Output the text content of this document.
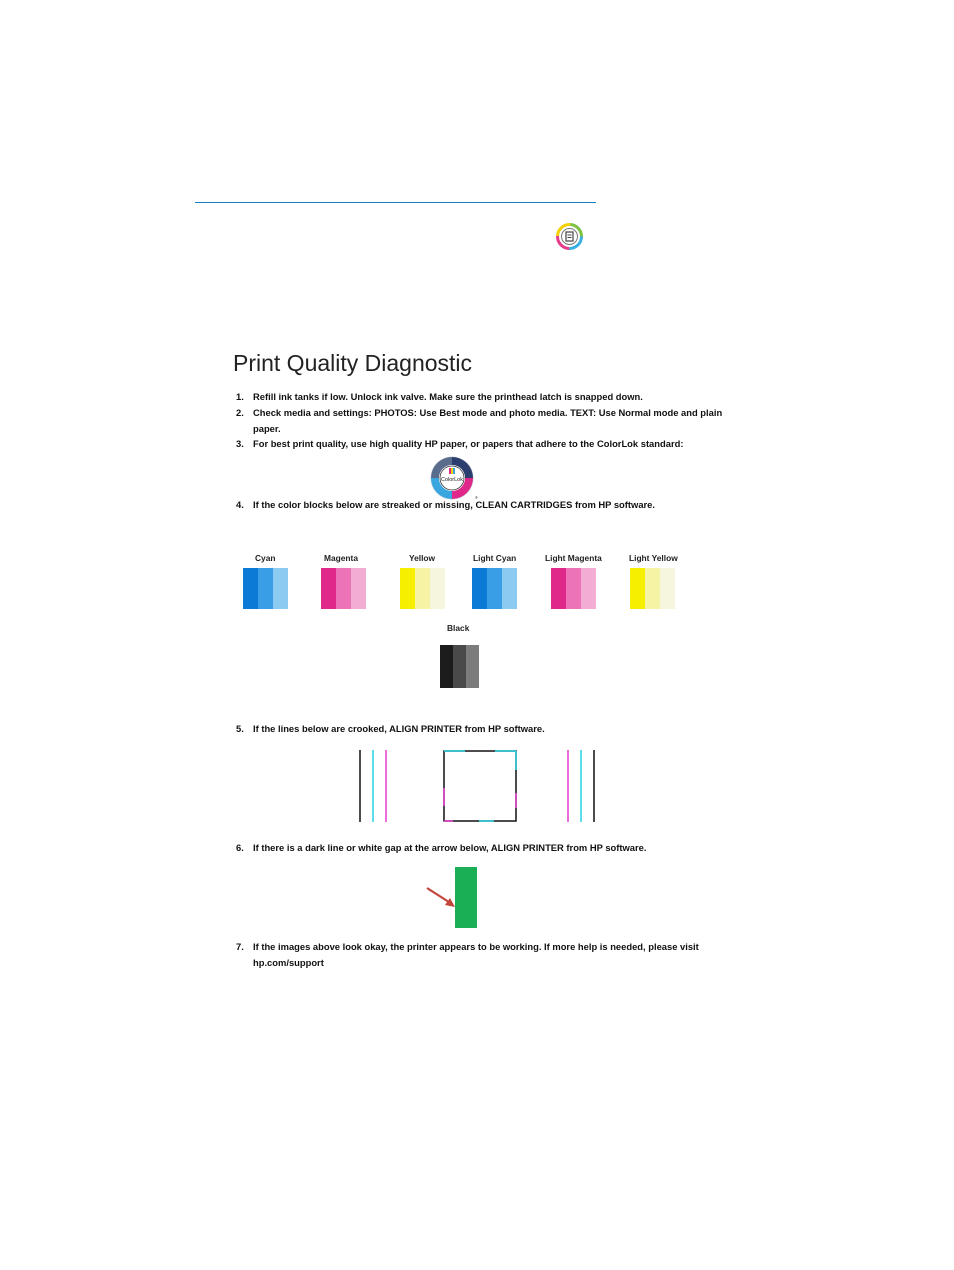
Print Quality Diagnostic
1. Refill ink tanks if low. Unlock ink valve. Make sure the printhead latch is snapped down.
2. Check media and settings: PHOTOS: Use Best mode and photo media. TEXT: Use Normal mode and plain paper.
3. For best print quality, use high quality HP paper, or papers that adhere to the ColorLok standard:
ColorLok
®
4. If the color blocks below are streaked or missing, CLEAN CARTRIDGES from HP software.
Cyan	Magenta	Yellow	Light Cyan	Light Magenta	Light Yellow
Black
5. If the lines below are crooked, ALIGN PRINTER from HP software.
6. If there is a dark line or white gap at the arrow below, ALIGN PRINTER from HP software.
7. If the images above look okay, the printer appears to be working. If more help is needed, please visit hp.com/support
